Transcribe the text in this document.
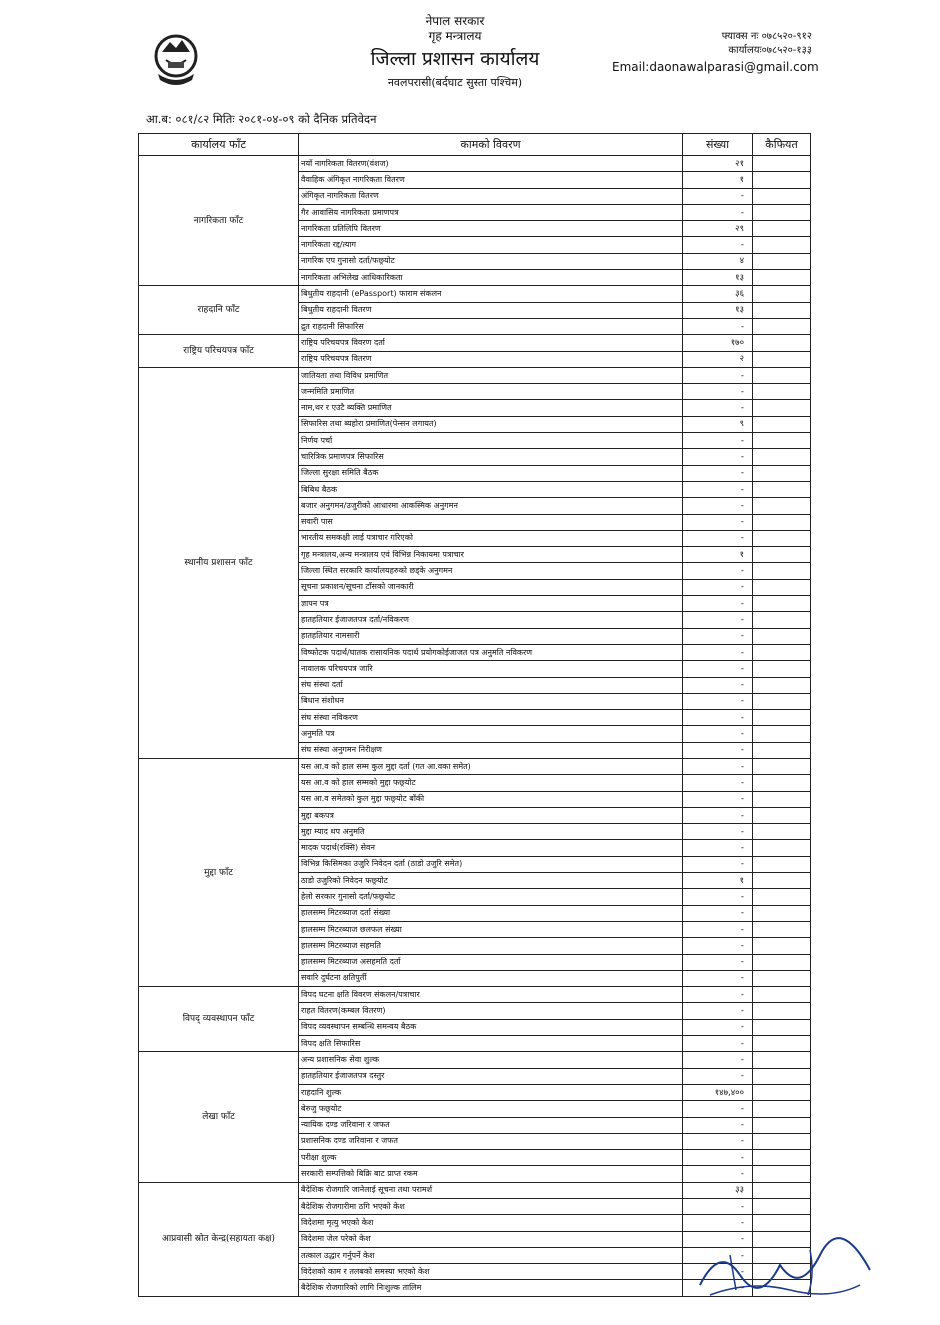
नेपाल सरकार
गृह मन्त्रालय
जिल्ला प्रशासन कार्यालय
नवलपरासी(बर्दघाट सुस्ता पश्चिम)
फ्याक्स नः ०७८५२०-९१२
कार्यालयः०७८५२०-१३३
Email:daonawalparasi@gmail.com
आ.ब: ०८१/८२ मितिः २०८१-०४-०९ को दैनिक प्रतिवेदन
कार्यालय फाँट	कामको विवरण	संख्या	कैफियत
नागरिकता फाँट	नयाँ नागरिकता वितरण(वंशज)	२१	
	वैवाहिक अंगिकृत नागरिकता वितरण	१	
	अंगिकृत नागरिकता वितरण	-	
	गैर आवासिय नागरिकता प्रमाणपत्र	-	
	नागरिकता प्रतिलिपि वितरण	२९	
	नागरिकता रद्द/त्याग	-	
	नागरिक एप गुनासो दर्ता/फछ्र्याेट	४	
	नागरिकता अभिलेख आधिकारिकता	१३	
राहदानि फाँट	बिधुतीय राहदानी (ePassport) फाराम संकलन	३६	
	बिधुतीय राहदानी वितरण	१३	
	द्रुत राहदानी सिफारिस	-	
राष्ट्रिय परिचयपत्र फाँट	राष्ट्रिय परिचयपत्र विवरण दर्ता	१७०	
	राष्ट्रिय परिचयपत्र वितरण	२	
स्थानीय प्रशासन फाँट	जातियता तथा विविध प्रमाणित	-	
	जन्ममिति प्रमाणित	-	
	नाम,थर र एउटै ब्यक्ति प्रमाणित	-	
	सिफारिस तथा ब्यहोरा प्रमाणित(पेन्सन लगायत)	९	
	निर्णय पर्चा	-	
	चारित्रिक प्रमाणपत्र सिफारिस	-	
	जिल्ला सुरक्षा समिति बैठक	-	
	बिबिध बैठक	-	
	बजार अनुगमन/उजुरीको आधारमा आकस्मिक अनुगमन	-	
	सवारी पास	-	
	भारतीय समकक्षी लाई पत्राचार गरिएको	-	
	गृह मन्त्रालय,अन्य मन्त्रालय एवं विभिन्न निकायमा पत्राचार	१	
	जिल्ला स्थित सरकारि कार्यालयहरुको छड्के अनुगमन	-	
	सूचना प्रकाशन/सूचना टाँसको जानकारी	-	
	ज्ञापन पत्र	-	
	हातहतियार ईजाजतपत्र दर्ता/नविकरण	-	
	हातहतियार नामसारी	-	
	विष्फोटक पदार्थ/घातक रासायनिक पदार्थ प्रयोगकोईजाजत पत्र अनुमति नविकरण	-	
	नावालक परिचयपत्र जारि	-	
	संघ संस्था दर्ता	-	
	बिधान संशोधन	-	
	संघ संस्था नविकरण	-	
	अनुमति पत्र	-	
	संघ संस्था अनुगमन निरीक्षण	-	
मुद्दा फाँट	यस आ.व को हाल सम्म कुल मुद्दा दर्ता (गत आ.वका समेत)	-	
	यस आ.व को हाल सम्मको मुद्दा फछ्र्याेट	-	
	यस आ.व समेतको कुल मुद्दा फछ्र्याेट बाँकी	-	
	मुद्दा बकपत्र	-	
	मुद्दा म्याद थप अनुमति	-	
	मादक पदार्थ(रक्सि) सेवन	-	
	विभिन्न किसिमका उजुरि निवेदन दर्ता (ठाडो उजुरि समेत)	-	
	ठाडो उजुरिको निवेदन फछ्र्याेट	१	
	हेलो सरकार गुनासो दर्ता/फछ्र्याेट	-	
	हालसम्म मिटरब्याज दर्ता संख्या	-	
	हालसम्म मिटरब्याज छलफल संख्या	-	
	हालसम्म मिटरब्याज सहमति	-	
	हालसम्म मिटरब्याज असहमति दर्ता	-	
	सवारि दुर्घटना क्षतिपुर्ती	-	
विपद् व्यवस्थापन फाँट	विपद घटना क्षति विवरण संकलन/पत्राचार	-	
	राहत वितरण(कम्बल वितरण)	-	
	विपद व्यवस्थापन सम्बन्धि समन्वय बैठक	-	
	विपद क्षति सिफारिस	-	
लेखा फाँट	अन्य प्रशासनिक सेवा शुल्क	-	
	हातहतियार ईजाजतपत्र दस्तुर	-	
	राहदानि शुल्क	१४७,४००	
	बेरुजु फछ्र्याेट	-	
	न्यायिक दण्ड जरिवाना र जफत	-	
	प्रशासनिक दण्ड जरिवाना र जफत	-	
	परीक्षा शुल्क	-	
	सरकारी सम्पत्तिको बिक्रि बाट प्राप्त रकम	-	
आप्रवासी स्रोत केन्द्र(सहायता कक्ष)	बैदेशिक रोजगारि जानेलाई सूचना तथा परामर्श	३३	
	बैदेशिक रोजगारीमा ठगि भएको केश	-	
	विदेशमा मृत्यु भएको केश	-	
	विदेशमा जेल परेको केश	-	
	तत्काल उद्धार गर्नुपर्ने केश	-	
	विदेशको काम र तलबको समस्या भएको केश	-	
	बैदेशिक रोजगारिको लागि निःशुल्क तालिम	-	
